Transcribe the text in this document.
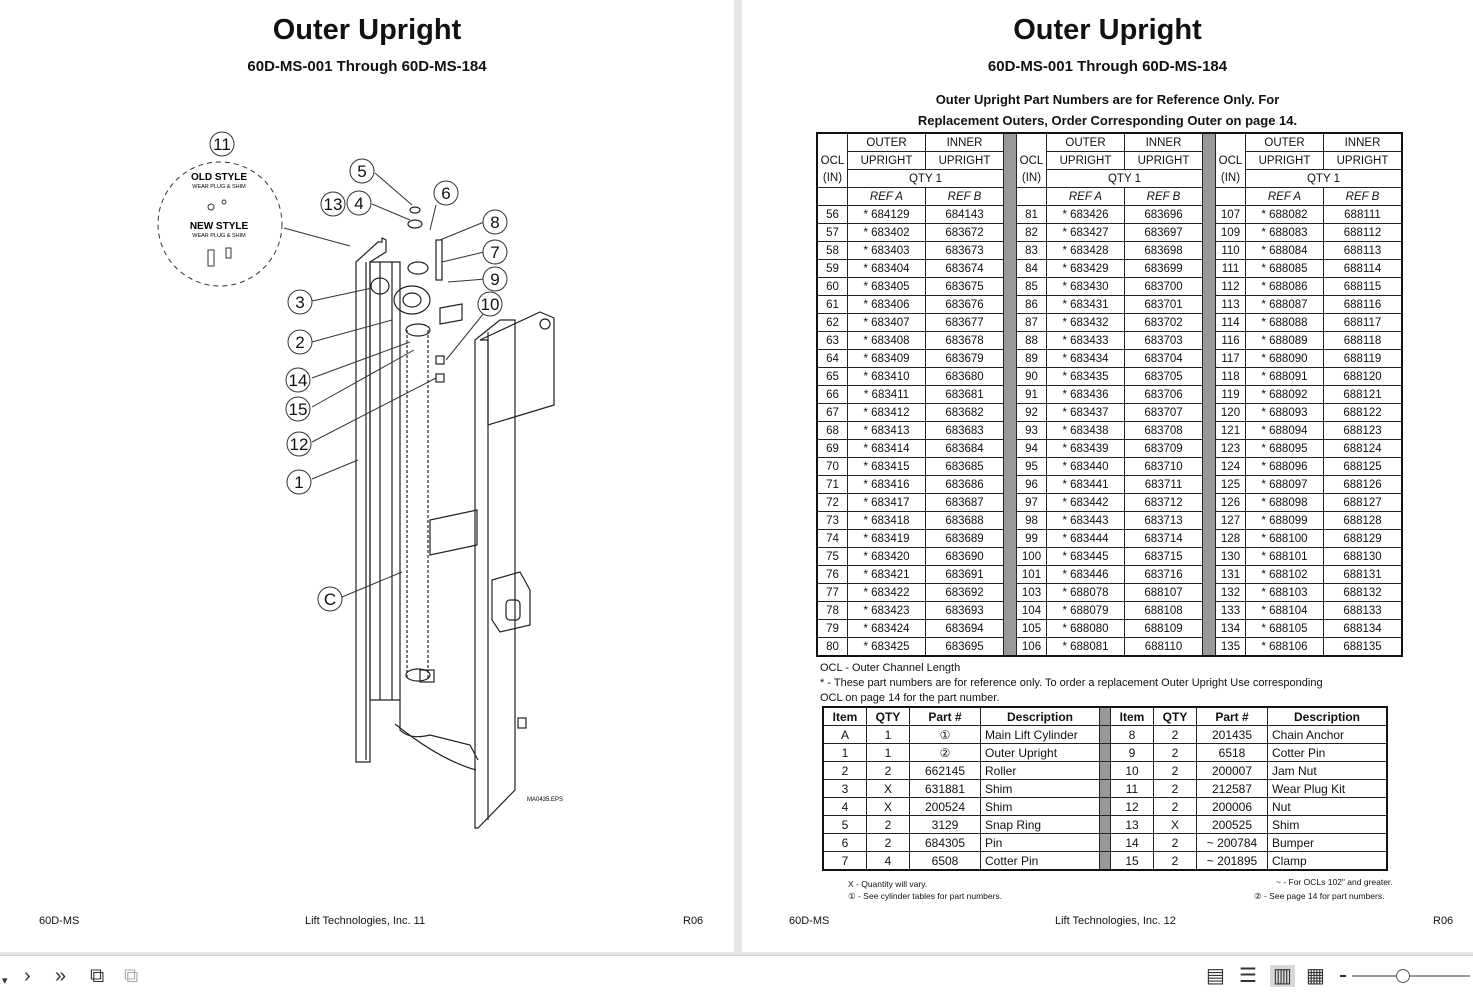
Outer Upright
60D-MS-001 Through 60D-MS-184
OLD STYLE
WEAR PLUG & SHIM
NEW STYLE
WEAR PLUG & SHIM
11
5
13 4
6
8
7
9
10
3
2
14
15
12
1
C
MA0435.EPS
60D-MS	Lift Technologies, Inc. 11	R06
Outer Upright
60D-MS-001 Through 60D-MS-184
Outer Upright Part Numbers are for Reference Only. For
Replacement Outers, Order Corresponding Outer on page 14.
	OUTER	INNER			OUTER	INNER			OUTER	INNER
OCL	UPRIGHT	UPRIGHT		OCL	UPRIGHT	UPRIGHT		OCL	UPRIGHT	UPRIGHT
(IN)	QTY 1			(IN)	QTY 1			(IN)	QTY 1	
	REF A	REF B			REF A	REF B			REF A	REF B
56	* 684129	684143		81	* 683426	683696		107	* 688082	688111
57	* 683402	683672		82	* 683427	683697		109	* 688083	688112
58	* 683403	683673		83	* 683428	683698		110	* 688084	688113
59	* 683404	683674		84	* 683429	683699		111	* 688085	688114
60	* 683405	683675		85	* 683430	683700		112	* 688086	688115
61	* 683406	683676		86	* 683431	683701		113	* 688087	688116
62	* 683407	683677		87	* 683432	683702		114	* 688088	688117
63	* 683408	683678		88	* 683433	683703		116	* 688089	688118
64	* 683409	683679		89	* 683434	683704		117	* 688090	688119
65	* 683410	683680		90	* 683435	683705		118	* 688091	688120
66	* 683411	683681		91	* 683436	683706		119	* 688092	688121
67	* 683412	683682		92	* 683437	683707		120	* 688093	688122
68	* 683413	683683		93	* 683438	683708		121	* 688094	688123
69	* 683414	683684		94	* 683439	683709		123	* 688095	688124
70	* 683415	683685		95	* 683440	683710		124	* 688096	688125
71	* 683416	683686		96	* 683441	683711		125	* 688097	688126
72	* 683417	683687		97	* 683442	683712		126	* 688098	688127
73	* 683418	683688		98	* 683443	683713		127	* 688099	688128
74	* 683419	683689		99	* 683444	683714		128	* 688100	688129
75	* 683420	683690		100	* 683445	683715		130	* 688101	688130
76	* 683421	683691		101	* 683446	683716		131	* 688102	688131
77	* 683422	683692		103	* 688078	688107		132	* 688103	688132
78	* 683423	683693		104	* 688079	688108		133	* 688104	688133
79	* 683424	683694		105	* 688080	688109		134	* 688105	688134
80	* 683425	683695		106	* 688081	688110		135	* 688106	688135
OCL - Outer Channel Length
* - These part numbers are for reference only. To order a replacement Outer Upright Use corresponding
OCL on page 14 for the part number.
Item	QTY	Part #	Description		Item	QTY	Part #	Description
A	1	①	Main Lift Cylinder		8	2	201435	Chain Anchor
1	1	②	Outer Upright		9	2	6518	Cotter Pin
2	2	662145	Roller		10	2	200007	Jam Nut
3	X	631881	Shim		11	2	212587	Wear Plug Kit
4	X	200524	Shim		12	2	200006	Nut
5	2	3129	Snap Ring		13	X	200525	Shim
6	2	684305	Pin		14	2	~ 200784	Bumper
7	4	6508	Cotter Pin		15	2	~ 201895	Clamp
X - Quantity will vary.
① - See cylinder tables for part numbers.
~ - For OCLs 102" and greater.
② - See page 14 for part numbers.
60D-MS	Lift Technologies, Inc. 12	R06
▾ › » ⧉ ⧉	▤ ☰ ▥ ▦
